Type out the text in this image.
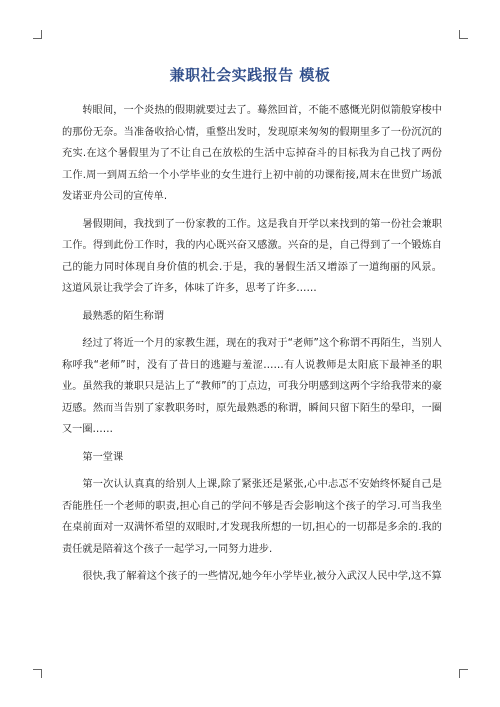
兼职社会实践报告 模板

转眼间，一个炎热的假期就要过去了。蓦然回首，不能不感慨光阴似箭般穿梭中的那份无奈。当准备收拾心情，重整出发时，发现原来匆匆的假期里多了一份沉沉的充实.在这个暑假里为了不让自己在放松的生活中忘掉奋斗的目标我为自己找了两份工作.周一到周五给一个小学毕业的女生进行上初中前的功课衔接,周末在世贸广场派发诺亚舟公司的宣传单.

暑假期间，我找到了一份家教的工作。这是我自开学以来找到的第一份社会兼职工作。得到此份工作时，我的内心既兴奋又感激。兴奋的是，自己得到了一个锻炼自己的能力同时体现自身价值的机会.于是，我的暑假生活又增添了一道绚丽的风景。这道风景让我学会了许多，体味了许多，思考了许多……

最熟悉的陌生称谓

经过了将近一个月的家教生涯，现在的我对于“老师”这个称谓不再陌生，当别人称呼我“老师”时，没有了昔日的逃避与羞涩……有人说教师是太阳底下最神圣的职业。虽然我的兼职只是沾上了“教师”的丁点边，可我分明感到这两个字给我带来的豪迈感。然而当告别了家教职务时，原先最熟悉的称谓，瞬间只留下陌生的晕印，一圈又一圈……

第一堂课

第一次认认真真的给别人上课,除了紧张还是紧张,心中忐忑不安始终怀疑自己是否能胜任一个老师的职责,担心自己的学问不够是否会影响这个孩子的学习.可当我坐在桌前面对一双满怀希望的双眼时,才发现我所想的一切,担心的一切都是多余的.我的责任就是陪着这个孩子一起学习,一同努力进步.

很快,我了解着这个孩子的一些情况,她今年小学毕业,被分入武汉人民中学,这不算
